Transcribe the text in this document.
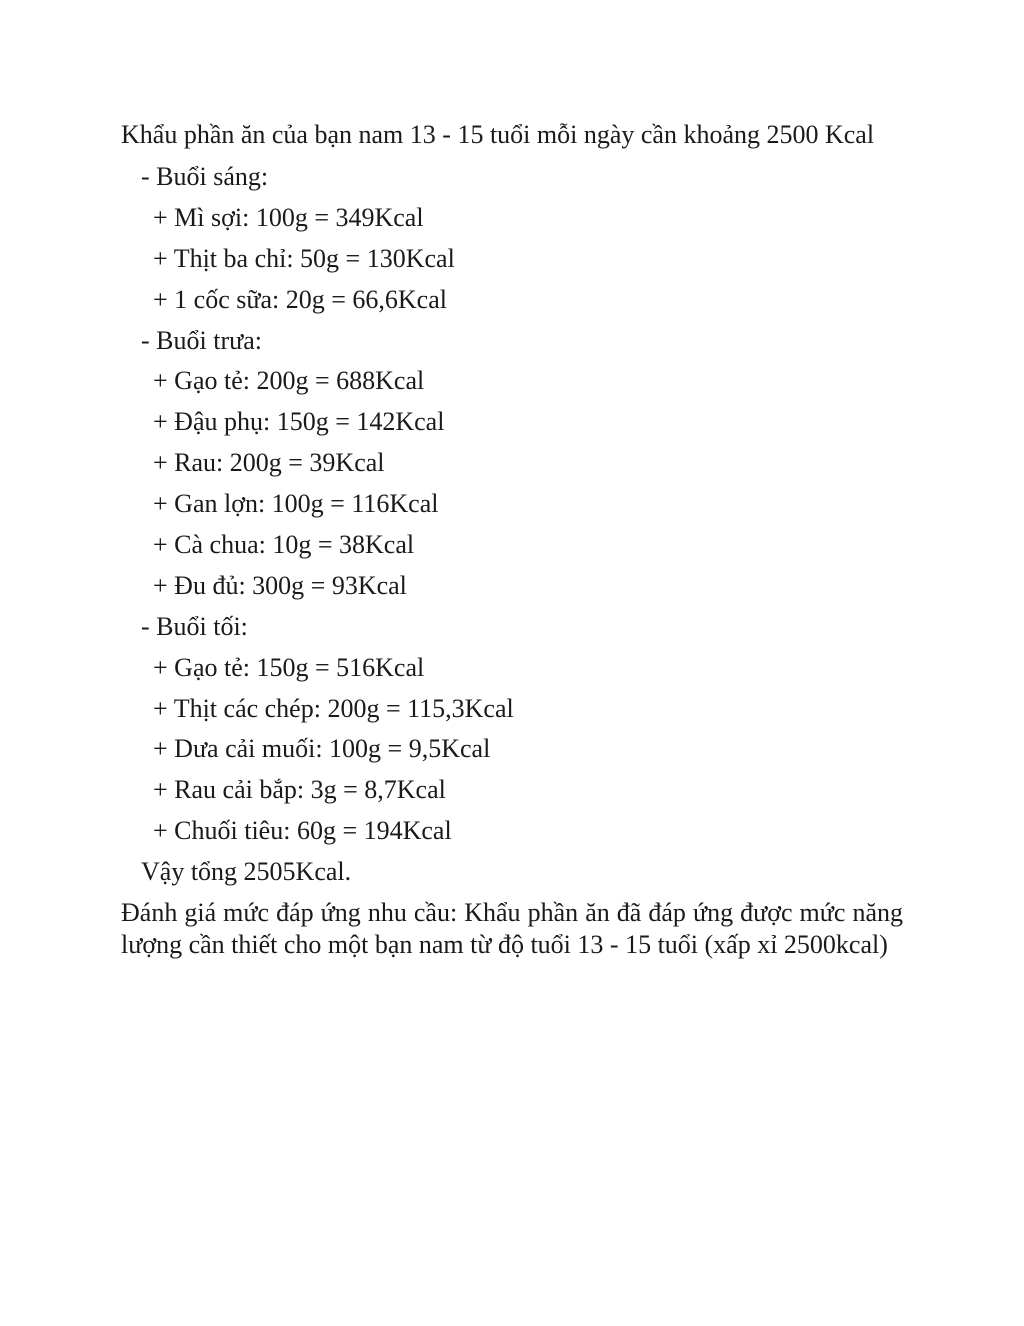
Khẩu phần ăn của bạn nam 13 - 15 tuổi mỗi ngày cần khoảng 2500 Kcal
- Buổi sáng:
+ Mì sợi: 100g = 349Kcal
+ Thịt ba chỉ: 50g = 130Kcal
+ 1 cốc sữa: 20g = 66,6Kcal
- Buổi trưa:
+ Gạo tẻ: 200g = 688Kcal
+ Đậu phụ: 150g = 142Kcal
+ Rau: 200g = 39Kcal
+ Gan lợn: 100g = 116Kcal
+ Cà chua: 10g = 38Kcal
+ Đu đủ: 300g = 93Kcal
- Buổi tối:
+ Gạo tẻ: 150g = 516Kcal
+ Thịt các chép: 200g = 115,3Kcal
+ Dưa cải muối: 100g = 9,5Kcal
+ Rau cải bắp: 3g = 8,7Kcal
+ Chuối tiêu: 60g = 194Kcal
Vậy tổng 2505Kcal.

Đánh giá mức đáp ứng nhu cầu: Khẩu phần ăn đã đáp ứng được mức năng lượng cần thiết cho một bạn nam từ độ tuổi 13 - 15 tuổi (xấp xỉ 2500kcal)
